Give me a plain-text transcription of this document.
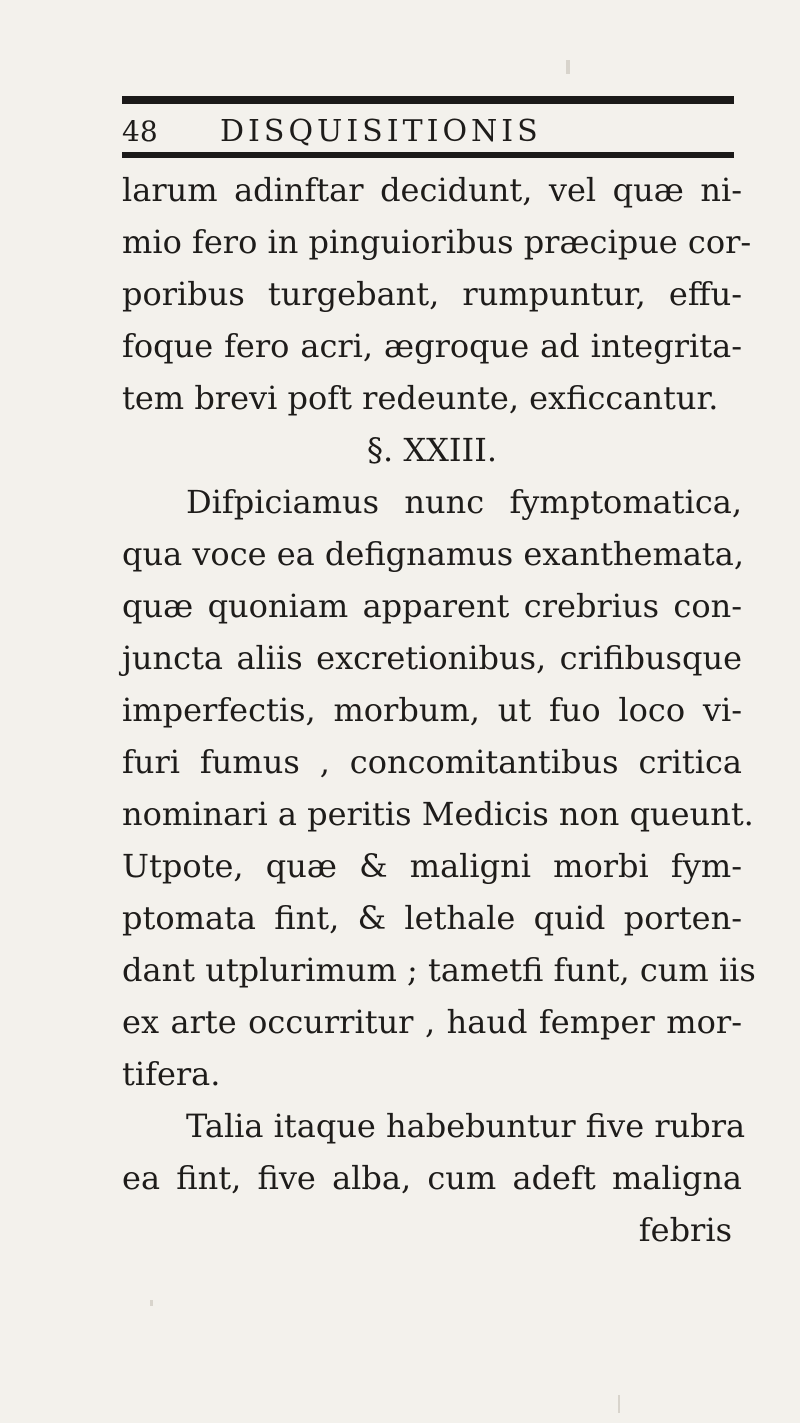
48 DISQUISITIONIS
larum adinftar decidunt, vel quæ ni-
mio fero in pinguioribus præcipue cor-
poribus turgebant, rumpuntur, effu-
foque fero acri, ægroque ad integrita-
tem brevi poft redeunte, exficcantur.
§. XXIII.
Difpiciamus nunc fymptomatica,
qua voce ea defignamus exanthemata,
quæ quoniam apparent crebrius con-
juncta aliis excretionibus, crifibusque
imperfectis, morbum, ut fuo loco vi-
furi fumus , concomitantibus critica
nominari a peritis Medicis non queunt.
Utpote, quæ & maligni morbi fym-
ptomata fint, & lethale quid porten-
dant utplurimum ; tametfi funt, cum iis
ex arte occurritur , haud femper mor-
tifera.
Talia itaque habebuntur five rubra
ea fint, five alba, cum adeft maligna
febris
